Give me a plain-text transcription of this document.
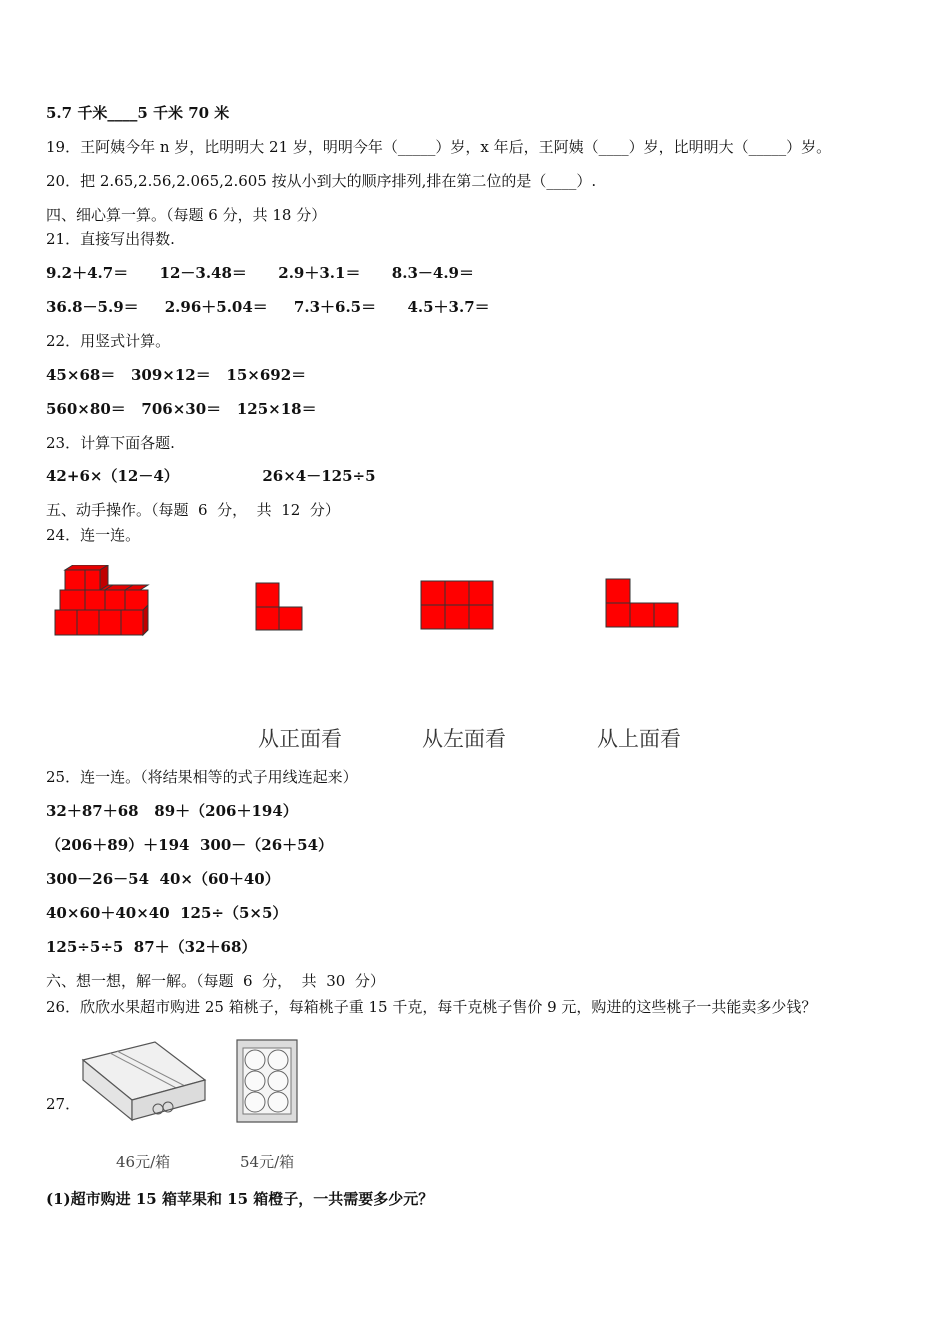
5.7 千米____5 千米 70 米
19．王阿姨今年 n 岁，比明明大 21 岁，明明今年（_____）岁，x 年后，王阿姨（____）岁，比明明大（_____）岁。
20．把 2.65,2.56,2.065,2.605 按从小到大的顺序排列,排在第二位的是（____）.
四、细心算一算。（每题 6 分，共 18 分）
21．直接写出得数.
9.2＋4.7＝      12－3.48＝      2.9＋3.1＝      8.3－4.9＝
36.8－5.9＝     2.96＋5.04＝     7.3＋6.5＝      4.5＋3.7＝
22．用竖式计算。
45×68＝   309×12＝   15×692＝
560×80＝   706×30＝   125×18＝
23．计算下面各题.
42+6×（12－4）                26×4－125÷5
五、动手操作。（每题  6  分，  共  12  分）
24．连一连。
从正面看	从左面看	从上面看
25．连一连。（将结果相等的式子用线连起来）
32＋87＋68   89＋（206＋194）
（206＋89）＋194  300－（26＋54）
300－26－54  40×（60＋40）
40×60＋40×40  125÷（5×5）
125÷5÷5  87＋（32＋68）
六、想一想，解一解。（每题  6  分，  共  30  分）
26．欣欣水果超市购进 25 箱桃子，每箱桃子重 15 千克，每千克桃子售价 9 元，购进的这些桃子一共能卖多少钱？
27．
46元/箱	54元/箱
(1)超市购进 15 箱苹果和 15 箱橙子，一共需要多少元？
